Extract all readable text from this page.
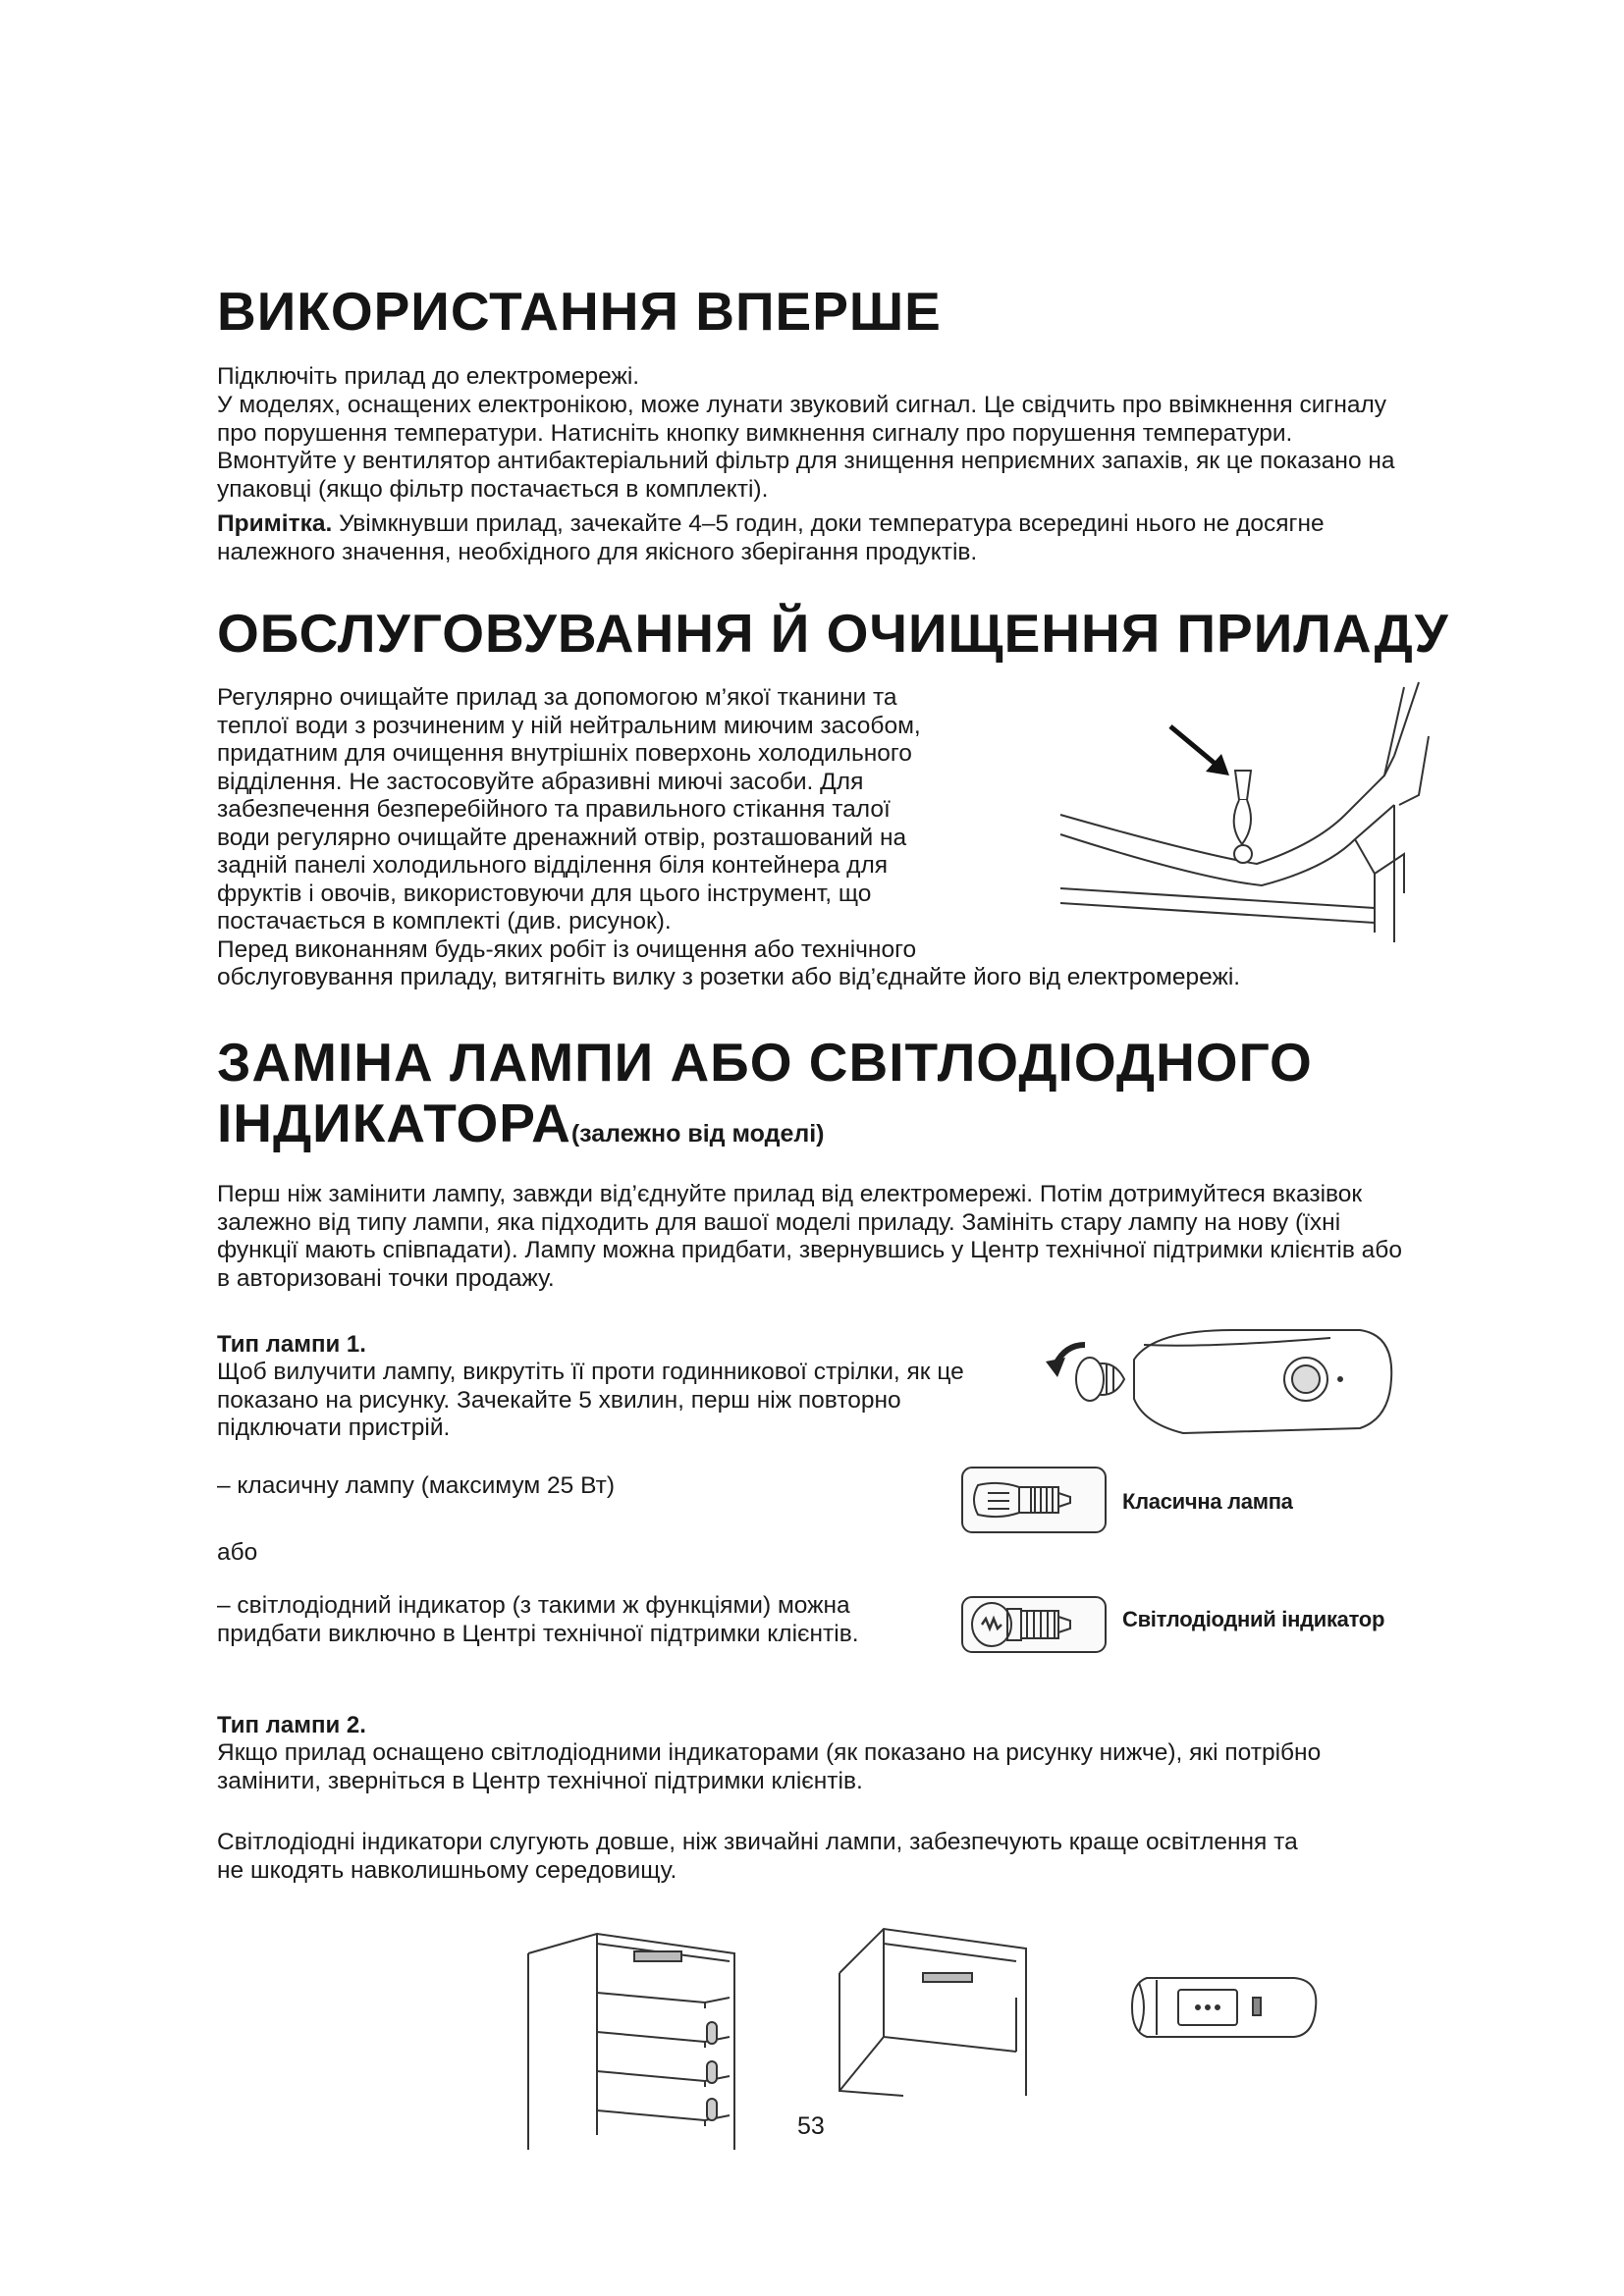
ВИКОРИСТАННЯ ВПЕРШЕ

Підключіть прилад до електромережі.

У моделях, оснащених електронікою, може лунати звуковий сигнал. Це свідчить про ввімкнення сигналу про порушення температури. Натисніть кнопку вимкнення сигналу про порушення температури. Вмонтуйте у вентилятор антибактеріальний фільтр для знищення неприємних запахів, як це показано на упаковці (якщо фільтр постачається в комплекті).

Примітка. Увімкнувши прилад, зачекайте 4–5 годин, доки температура всередині нього не досягне належного значення, необхідного для якісного зберігання продуктів.

ОБСЛУГОВУВАННЯ Й ОЧИЩЕННЯ ПРИЛАДУ

Регулярно очищайте прилад за допомогою м’якої тканини та
теплої води з розчиненим у ній нейтральним миючим засобом,
придатним для очищення внутрішніх поверхонь холодильного
відділення. Не застосовуйте абразивні миючі засоби. Для
забезпечення безперебійного та правильного стікання талої
води регулярно очищайте дренажний отвір, розташований на
задній панелі холодильного відділення біля контейнера для
фруктів і овочів, використовуючи для цього інструмент, що
постачається в комплекті (див. рисунок).
Перед виконанням будь-яких робіт із очищення або технічного
обслуговування приладу, витягніть вилку з розетки або від’єднайте його від електромережі.

ЗАМІНА ЛАМПИ АБО СВІТЛОДІОДНОГО
ІНДИКАТОРА(залежно від моделі)

Перш ніж замінити лампу, завжди від’єднуйте прилад від електромережі. Потім дотримуйтеся вказівок залежно від типу лампи, яка підходить для вашої моделі приладу. Замініть стару лампу на нову (їхні функції мають співпадати). Лампу можна придбати, звернувшись у Центр технічної підтримки клієнтів або в авторизовані точки продажу.

Тип лампи 1.

Щоб вилучити лампу, викрутіть її проти годинникової стрілки, як це показано на рисунку. Зачекайте 5 хвилин, перш ніж повторно підключати пристрій.

– класичну лампу (максимум 25 Вт)

Класична лампа

або

– світлодіодний індикатор (з такими ж функціями) можна придбати виключно в Центрі технічної підтримки клієнтів.

Світлодіодний індикатор
Тип лампи 2.

Якщо прилад оснащено світлодіодними індикаторами (як показано на рисунку нижче), які потрібно замінити, зверніться в Центр технічної підтримки клієнтів.

Світлодіодні індикатори слугують довше, ніж звичайні лампи, забезпечують краще освітлення та не шкодять навколишньому середовищу.

53
